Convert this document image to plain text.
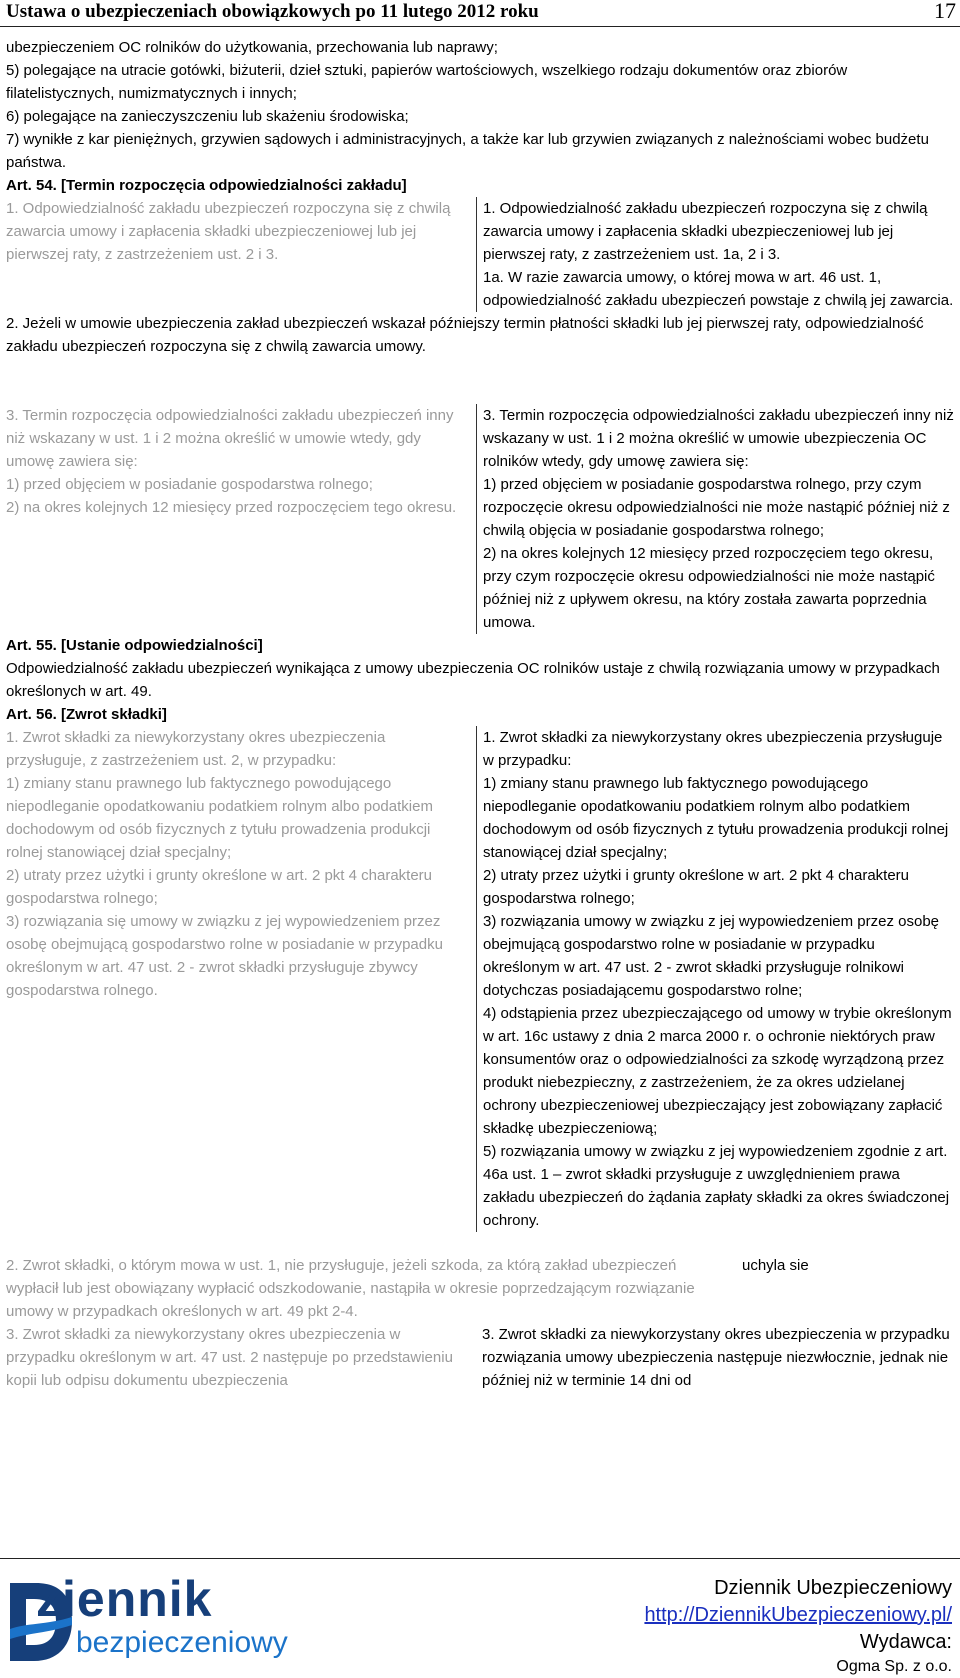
Ustawa o ubezpieczeniach obowiązkowych po 11 lutego 2012 roku	17

ubezpieczeniem OC rolników do użytkowania, przechowania lub naprawy;

5) polegające na utracie gotówki, biżuterii, dzieł sztuki, papierów wartościowych, wszelkiego rodzaju dokumentów oraz zbiorów filatelistycznych, numizmatycznych i innych;

6) polegające na zanieczyszczeniu lub skażeniu środowiska;

7) wynikłe z kar pieniężnych, grzywien sądowych i administracyjnych, a także kar lub grzywien związanych z należnościami wobec budżetu państwa.

Art. 54. [Termin rozpoczęcia odpowiedzialności zakładu]

1. Odpowiedzialność zakładu ubezpieczeń rozpoczyna się z chwilą zawarcia umowy i zapłacenia składki ubezpieczeniowej lub jej pierwszej raty, z zastrzeżeniem ust. 2 i 3.

1. Odpowiedzialność zakładu ubezpieczeń rozpoczyna się z chwilą zawarcia umowy i zapłacenia składki ubezpieczeniowej lub jej pierwszej raty, z zastrzeżeniem ust. 1a, 2 i 3.

1a. W razie zawarcia umowy, o której mowa w art. 46 ust. 1, odpowiedzialność zakładu ubezpieczeń powstaje z chwilą jej zawarcia.

2. Jeżeli w umowie ubezpieczenia zakład ubezpieczeń wskazał późniejszy termin płatności składki lub jej pierwszej raty, odpowiedzialność zakładu ubezpieczeń rozpoczyna się z chwilą zawarcia umowy.

3. Termin rozpoczęcia odpowiedzialności zakładu ubezpieczeń inny niż wskazany w ust. 1 i 2 można określić w umowie wtedy, gdy umowę zawiera się:

1) przed objęciem w posiadanie gospodarstwa rolnego;

2) na okres kolejnych 12 miesięcy przed rozpoczęciem tego okresu.

3. Termin rozpoczęcia odpowiedzialności zakładu ubezpieczeń inny niż wskazany w ust. 1 i 2 można określić w umowie ubezpieczenia OC rolników wtedy, gdy umowę zawiera się:

1) przed objęciem w posiadanie gospodarstwa rolnego, przy czym rozpoczęcie okresu odpowiedzialności nie może nastąpić później niż z chwilą objęcia w posiadanie gospodarstwa rolnego;

2) na okres kolejnych 12 miesięcy przed rozpoczęciem tego okresu, przy czym rozpoczęcie okresu odpowiedzialności nie może nastąpić później niż z upływem okresu, na który została zawarta poprzednia umowa.

Art. 55. [Ustanie odpowiedzialności]

Odpowiedzialność zakładu ubezpieczeń wynikająca z umowy ubezpieczenia OC rolników ustaje z chwilą rozwiązania umowy w przypadkach określonych w art. 49.

Art. 56. [Zwrot składki]

1. Zwrot składki za niewykorzystany okres ubezpieczenia przysługuje, z zastrzeżeniem ust. 2, w przypadku:

1) zmiany stanu prawnego lub faktycznego powodującego niepodleganie opodatkowaniu podatkiem rolnym albo podatkiem dochodowym od osób fizycznych z tytułu prowadzenia produkcji rolnej stanowiącej dział specjalny;

2) utraty przez użytki i grunty określone w art. 2 pkt 4 charakteru gospodarstwa rolnego;

3) rozwiązania się umowy w związku z jej wypowiedzeniem przez osobę obejmującą gospodarstwo rolne w posiadanie w przypadku określonym w art. 47 ust. 2 - zwrot składki przysługuje zbywcy gospodarstwa rolnego.

1. Zwrot składki za niewykorzystany okres ubezpieczenia przysługuje w przypadku:

1) zmiany stanu prawnego lub faktycznego powodującego niepodleganie opodatkowaniu podatkiem rolnym albo podatkiem dochodowym od osób fizycznych z tytułu prowadzenia produkcji rolnej stanowiącej dział specjalny;

2) utraty przez użytki i grunty określone w art. 2 pkt 4 charakteru gospodarstwa rolnego;

3) rozwiązania umowy w związku z jej wypowiedzeniem przez osobę obejmującą gospodarstwo rolne w posiadanie w przypadku określonym w art. 47 ust. 2 - zwrot składki przysługuje rolnikowi dotychczas posiadającemu gospodarstwo rolne;

4) odstąpienia przez ubezpieczającego od umowy w trybie określonym w art. 16c ustawy z dnia 2 marca 2000 r. o ochronie niektórych praw konsumentów oraz o odpowiedzialności za szkodę wyrządzoną przez produkt niebezpieczny, z zastrzeżeniem, że za okres udzielanej ochrony ubezpieczeniowej ubezpieczający jest zobowiązany zapłacić składkę ubezpieczeniową;

5) rozwiązania umowy w związku z jej wypowiedzeniem zgodnie z art. 46a ust. 1 – zwrot składki przysługuje z uwzględnieniem prawa zakładu ubezpieczeń do żądania zapłaty składki za okres świadczonej ochrony.

2. Zwrot składki, o którym mowa w ust. 1, nie przysługuje, jeżeli szkoda, za którą zakład ubezpieczeń wypłacił lub jest obowiązany wypłacić odszkodowanie, nastąpiła w okresie poprzedzającym rozwiązanie umowy w przypadkach określonych w art. 49 pkt 2-4.

uchyla sie

3. Zwrot składki za niewykorzystany okres ubezpieczenia w przypadku określonym w art. 47 ust. 2 następuje po przedstawieniu kopii lub odpisu dokumentu ubezpieczenia

3. Zwrot składki za niewykorzystany okres ubezpieczenia w przypadku rozwiązania umowy ubezpieczenia następuje niezwłocznie, jednak nie później niż w terminie 14 dni od

ziennik
bezpieczeniowy
Dziennik Ubezpieczeniowy
http://DziennikUbezpieczeniowy.pl/
Wydawca:
Ogma Sp. z o.o.
